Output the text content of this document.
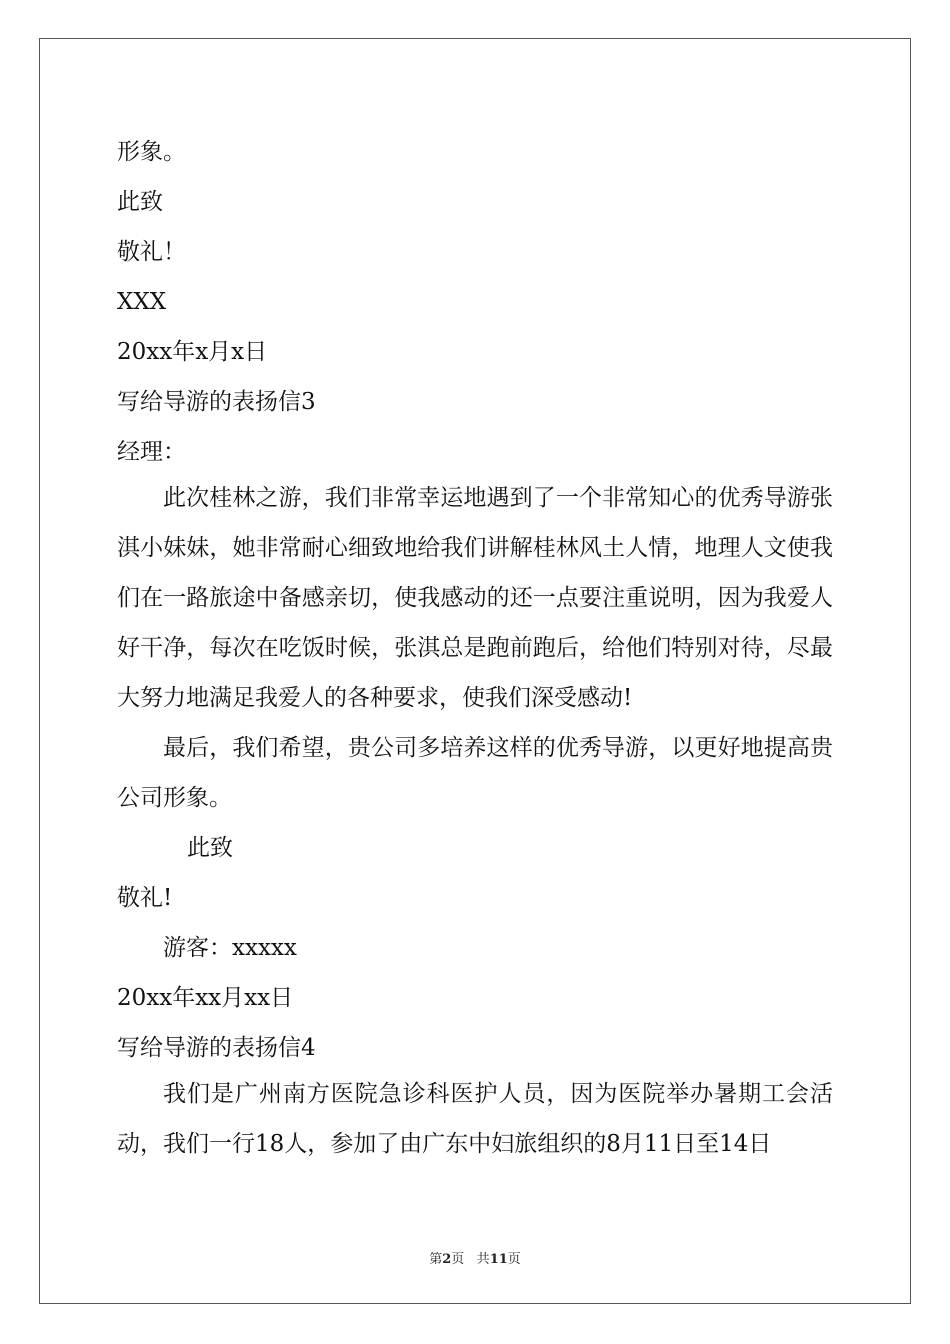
形象。
此致
敬礼！
XXX
20xx年x月x日
写给导游的表扬信3
经理：

此次桂林之游，我们非常幸运地遇到了一个非常知心的优秀导游张淇小妹妹，她非常耐心细致地给我们讲解桂林风土人情，地理人文使我们在一路旅途中备感亲切，使我感动的还一点要注重说明，因为我爱人好干净，每次在吃饭时候，张淇总是跑前跑后，给他们特别对待，尽最大努力地满足我爱人的各种要求，使我们深受感动!

最后，我们希望，贵公司多培养这样的优秀导游，以更好地提高贵公司形象。

此致
敬礼!
游客：xxxxx
20xx年xx月xx日
写给导游的表扬信4

我们是广州南方医院急诊科医护人员，因为医院举办暑期工会活动，我们一行18人，参加了由广东中妇旅组织的8月11日至14日

第2页 共11页
